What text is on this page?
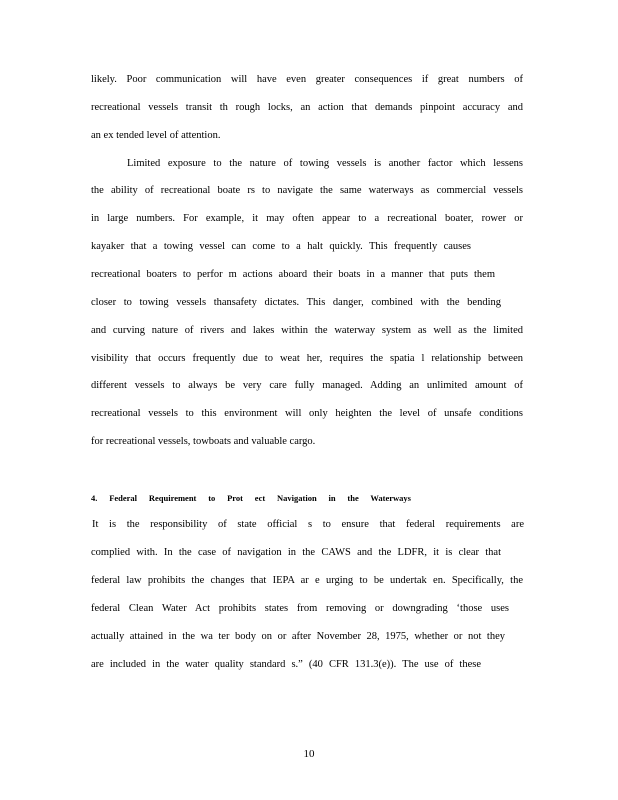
likely. Poor communication will have even greater consequences if great numbers of
recreational vessels transit th rough locks, an action that demands pinpoint accuracy and
an ex tended level of attention.
Limited exposure to the nature of towing vessels is another factor which lessens
the ability of recreational boate rs to navigate the same waterways as commercial vessels
in large numbers. For example, it may often appear to a recreational boater, rower or
kayaker that a towing vessel can come to a halt quickly. This frequently causes
recreational boaters to perfor m actions aboard their boats in a manner that puts them
closer to towing vessels thansafety dictates. This danger, combined with the bending
and curving nature of rivers and lakes within the waterway system as well as the limited
visibility that occurs frequently due to weat her, requires the spatia l relationship between
different vessels to always be very care fully managed. Adding an unlimited amount of
recreational vessels to this environment will only heighten the level of unsafe conditions
for recreational vessels, towboats and valuable cargo.
4. Federal Requirement to Prot ect Navigation in the Waterways
It is the responsibility of state official s to ensure that federal requirements are
complied with. In the case of navigation in the CAWS and the LDFR, it is clear that
federal law prohibits the changes that IEPA ar e urging to be undertak en. Specifically, the
federal Clean Water Act prohibits states from removing or downgrading ‘those uses
actually attained in the wa ter body on or after November 28, 1975, whether or not they
are included in the water quality standard s.” (40 CFR 131.3(e)). The use of these
10
